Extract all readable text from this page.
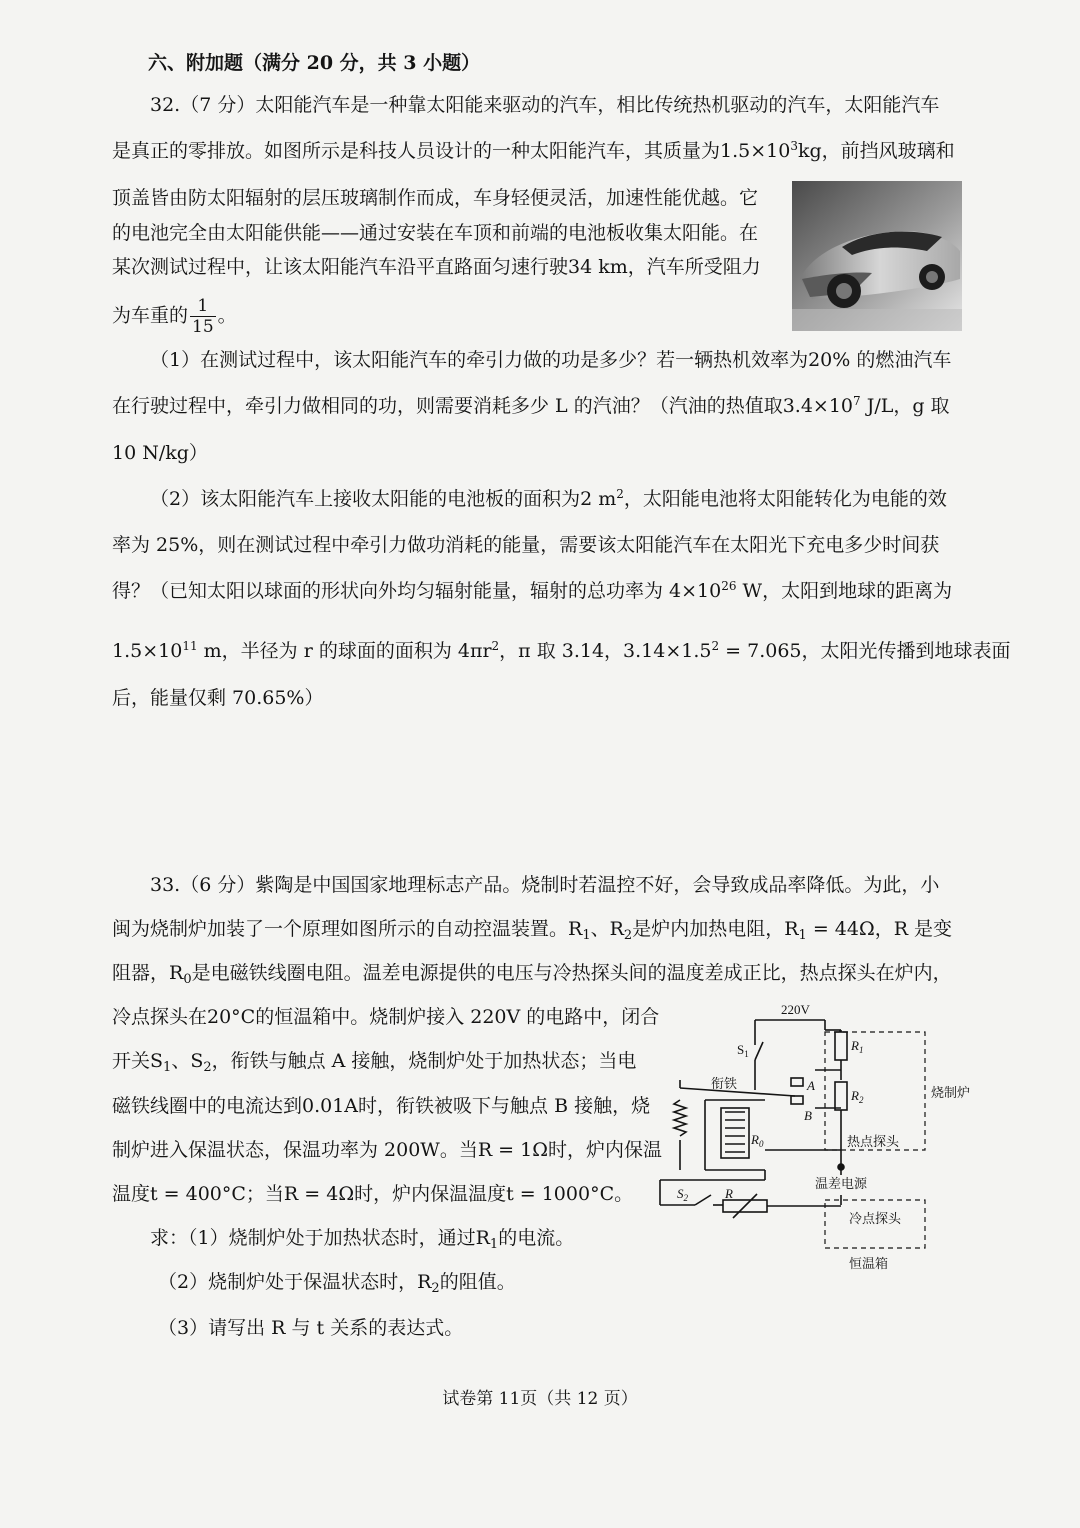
六、附加题（满分 20 分，共 3 小题）
32.（7 分）太阳能汽车是一种靠太阳能来驱动的汽车，相比传统热机驱动的汽车，太阳能汽车
是真正的零排放。如图所示是科技人员设计的一种太阳能汽车，其质量为$1.5\times 10^3kg$，前挡风玻璃和
顶盖皆由防太阳辐射的层压玻璃制作而成，车身轻便灵活，加速性能优越。它
的电池完全由太阳能供能——通过安装在车顶和前端的电池板收集太阳能。在
某次测试过程中，让该太阳能汽车沿平直路面匀速行驶34 km，汽车所受阻力
为车重的 $\frac{1}{15}$ 。
（1）在测试过程中，该太阳能汽车的牵引力做的功是多少？若一辆热机效率为20% 的燃油汽车
在行驶过程中，牵引力做相同的功，则需要消耗多少 L 的汽油？（汽油的热值取$3.4\times 10^7$ J/L，g 取
10 N/kg）
（2）该太阳能汽车上接收太阳能的电池板的面积为2 $m^2$，太阳能电池将太阳能转化为电能的效
率为 25%，则在测试过程中牵引力做功消耗的能量，需要该太阳能汽车在太阳光下充电多少时间获
得？（已知太阳以球面的形状向外均匀辐射能量，辐射的总功率为 $4\times 10^{26}$ W，太阳到地球的距离为
$1.5\times 10^{11}$ m，半径为 r 的球面的面积为 $4\pi r^2$，π 取 3.14，$3.14\times 1.5^2 = 7.065$，太阳光传播到地球表面
后，能量仅剩 70.65%）
33.（6 分）紫陶是中国国家地理标志产品。烧制时若温控不好，会导致成品率降低。为此，小
闽为烧制炉加装了一个原理如图所示的自动控温装置。$R_1$、$R_2$是炉内加热电阻，$R_1 = 44\Omega$，R 是变
阻器，$R_0$是电磁铁线圈电阻。温差电源提供的电压与冷热探头间的温度差成正比，热点探头在炉内，
冷点探头在20°C的恒温箱中。烧制炉接入 220V 的电路中，闭合
开关$S_1$、$S_2$，衔铁与触点 A 接触，烧制炉处于加热状态；当电
磁铁线圈中的电流达到0.01A时，衔铁被吸下与触点 B 接触，烧
制炉进入保温状态，保温功率为 200W。当R = 1Ω时，炉内保温
温度t = 400°C；当R = 4Ω时，炉内保温温度t = 1000°C。
求：（1）烧制炉处于加热状态时，通过$R_1$的电流。
（2）烧制炉处于保温状态时，$R_2$的阻值。
（3）请写出 R 与 t 关系的表达式。
220V
$S_1$
衔铁	A
B
$R_1$
$R_2$
$R_0$
烧制炉
热点探头
温差电源
$S_2$	R
冷点探头
恒温箱
试卷第 11页（共 12 页）
